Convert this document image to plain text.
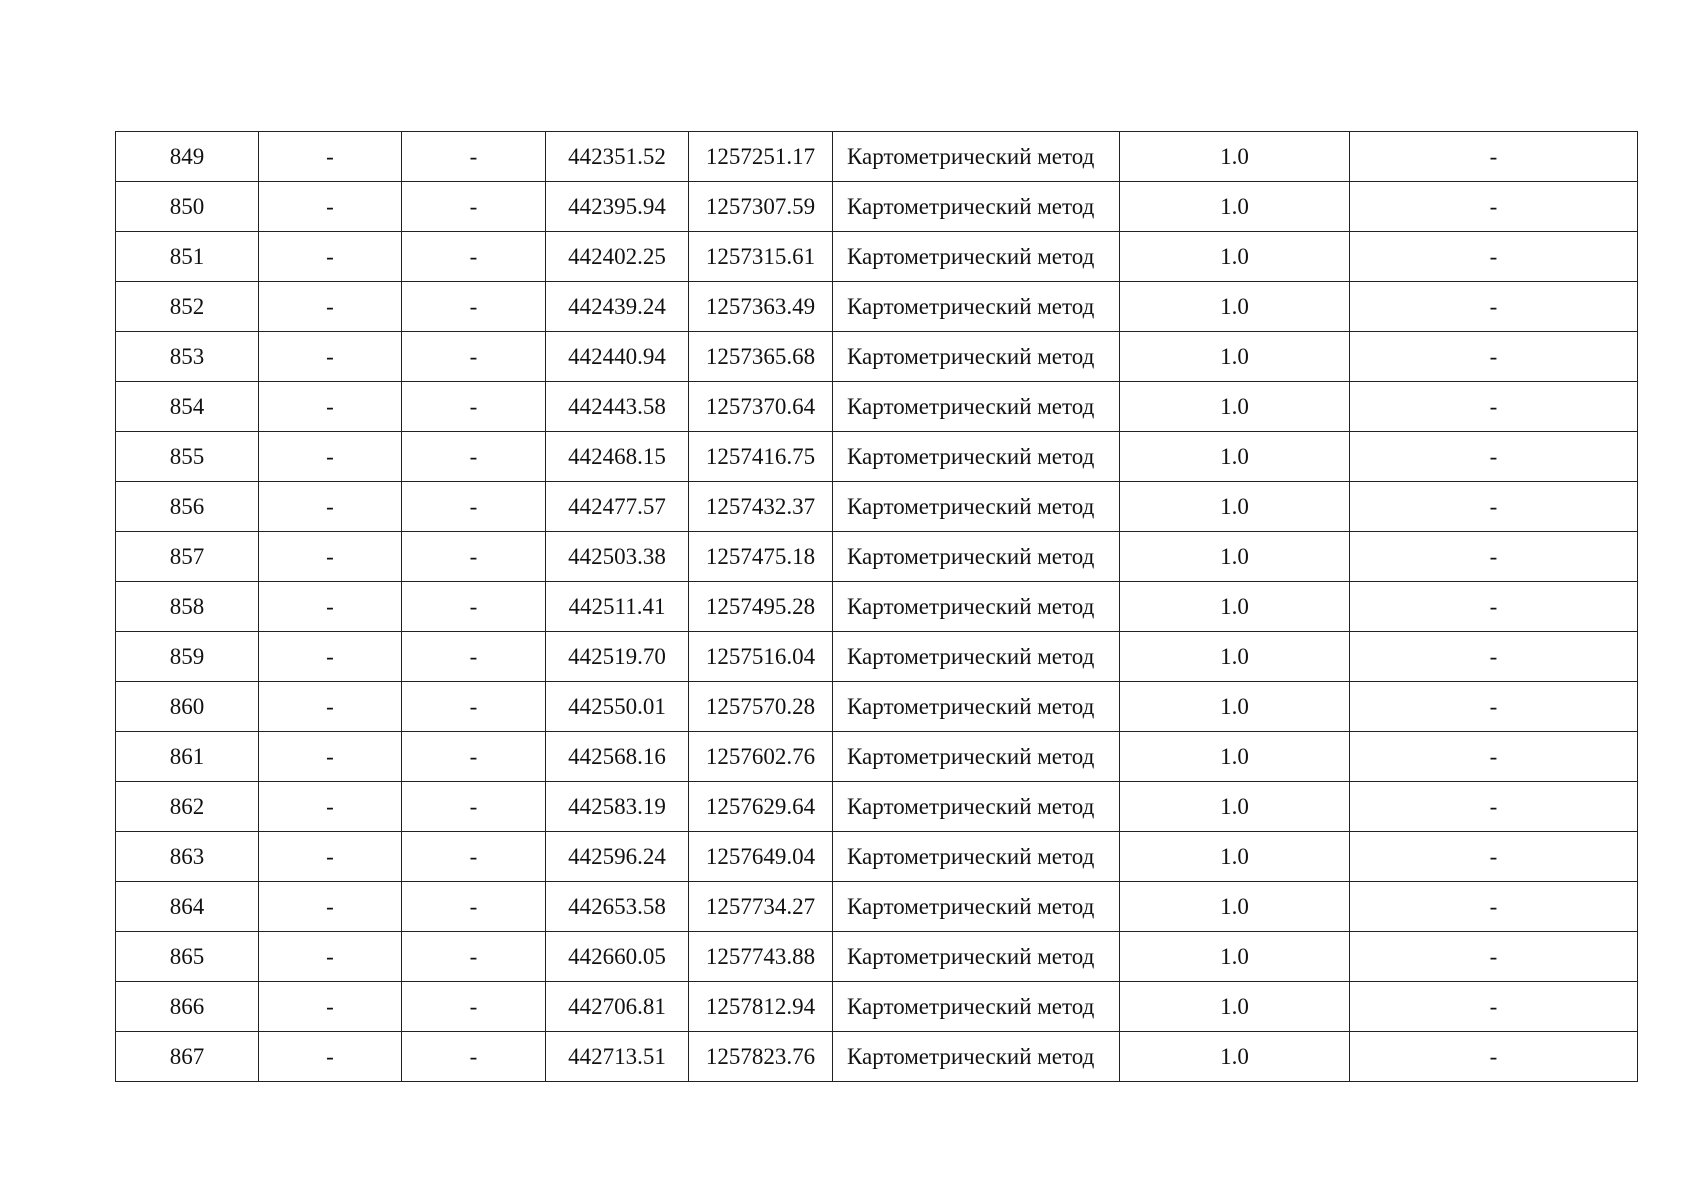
849	-	-	442351.52	1257251.17	Картометрический метод	1.0	-
850	-	-	442395.94	1257307.59	Картометрический метод	1.0	-
851	-	-	442402.25	1257315.61	Картометрический метод	1.0	-
852	-	-	442439.24	1257363.49	Картометрический метод	1.0	-
853	-	-	442440.94	1257365.68	Картометрический метод	1.0	-
854	-	-	442443.58	1257370.64	Картометрический метод	1.0	-
855	-	-	442468.15	1257416.75	Картометрический метод	1.0	-
856	-	-	442477.57	1257432.37	Картометрический метод	1.0	-
857	-	-	442503.38	1257475.18	Картометрический метод	1.0	-
858	-	-	442511.41	1257495.28	Картометрический метод	1.0	-
859	-	-	442519.70	1257516.04	Картометрический метод	1.0	-
860	-	-	442550.01	1257570.28	Картометрический метод	1.0	-
861	-	-	442568.16	1257602.76	Картометрический метод	1.0	-
862	-	-	442583.19	1257629.64	Картометрический метод	1.0	-
863	-	-	442596.24	1257649.04	Картометрический метод	1.0	-
864	-	-	442653.58	1257734.27	Картометрический метод	1.0	-
865	-	-	442660.05	1257743.88	Картометрический метод	1.0	-
866	-	-	442706.81	1257812.94	Картометрический метод	1.0	-
867	-	-	442713.51	1257823.76	Картометрический метод	1.0	-
